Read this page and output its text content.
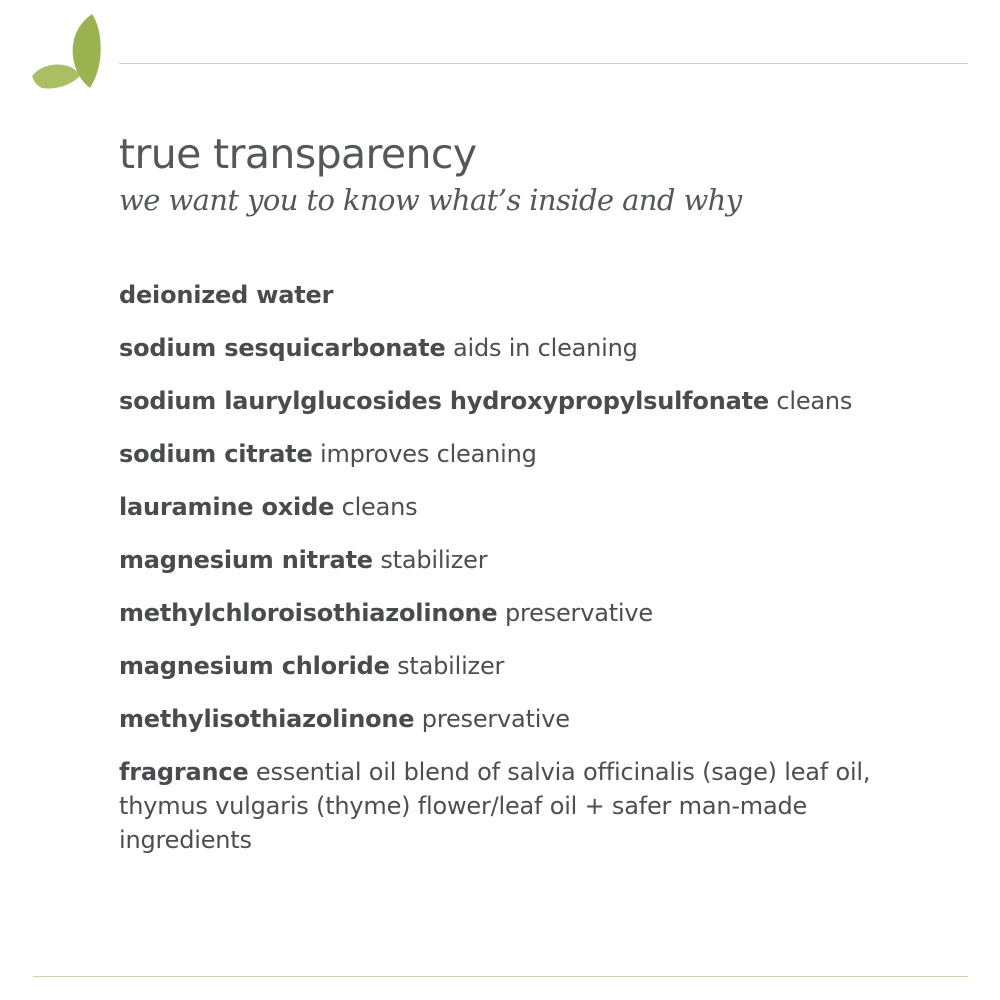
true transparency

we want you to know what’s inside and why

deionized water
sodium sesquicarbonate aids in cleaning
sodium laurylglucosides hydroxypropylsulfonate cleans
sodium citrate improves cleaning
lauramine oxide cleans
magnesium nitrate stabilizer
methylchloroisothiazolinone preservative
magnesium chloride stabilizer
methylisothiazolinone preservative
fragrance essential oil blend of salvia officinalis (sage) leaf oil, thymus vulgaris (thyme) flower/leaf oil + safer man-made ingredients
